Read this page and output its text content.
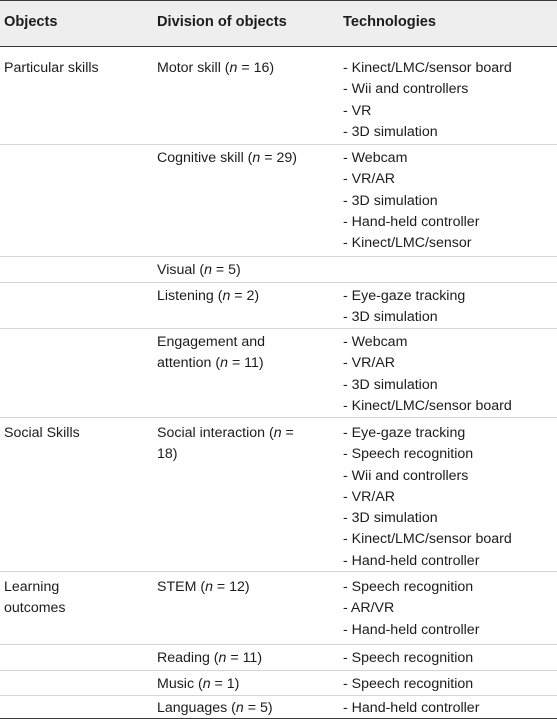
Objects	Division of objects	Technologies
Particular skills
Social Skills
Learning
outcomes
Motor skill (n = 16)
Cognitive skill (n = 29)
Visual (n = 5)
Listening (n = 2)
Engagement and
attention (n = 11)
Social interaction (n =
18)
STEM (n = 12)
Reading (n = 11)
Music (n = 1)
Languages (n = 5)
- Kinect/LMC/sensor board
- Wii and controllers
- VR
- 3D simulation
- Webcam
- VR/AR
- 3D simulation
- Hand-held controller
- Kinect/LMC/sensor
- Eye-gaze tracking
- 3D simulation
- Webcam
- VR/AR
- 3D simulation
- Kinect/LMC/sensor board
- Eye-gaze tracking
- Speech recognition
- Wii and controllers
- VR/AR
- 3D simulation
- Kinect/LMC/sensor board
- Hand-held controller
- Speech recognition
- AR/VR
- Hand-held controller
- Speech recognition
- Speech recognition
- Hand-held controller
